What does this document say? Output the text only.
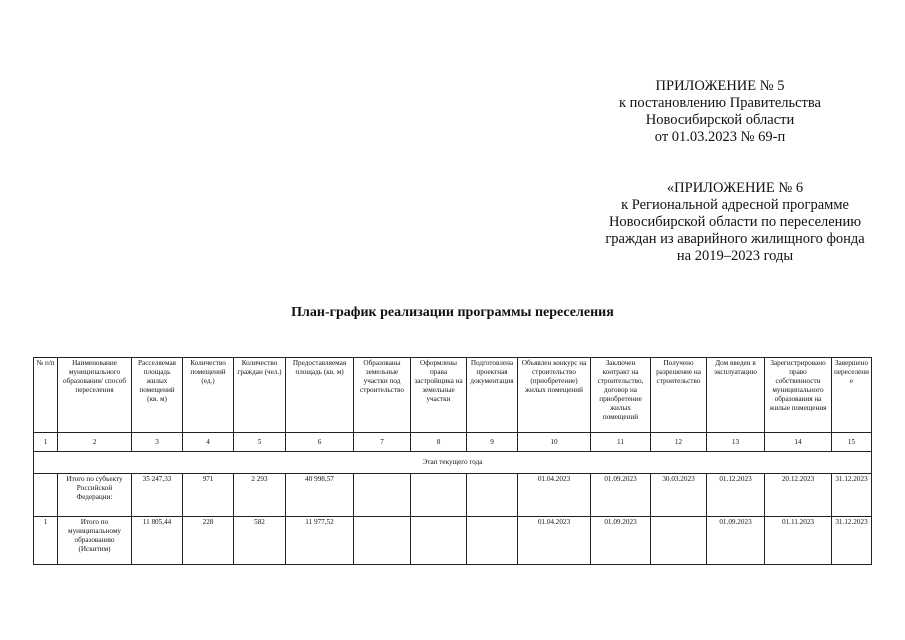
ПРИЛОЖЕНИЕ № 5
к постановлению Правительства
Новосибирской области
от 01.03.2023 № 69-п
«ПРИЛОЖЕНИЕ № 6
к Региональной адресной программе
Новосибирской области по переселению
граждан из аварийного жилищного фонда
на 2019–2023 годы
План-график реализации программы переселения
№ п/п	Наименование муниципального образования/ способ переселения	Расселяемая площадь жилых помещений (кв. м)	Количество помещений (ед.)	Количество граждан (чел.)	Предоставляемая площадь (кв. м)	Образованы земельные участки под строительство	Оформлены права застройщика на земельные участки	Подготовлена проектная документация	Объявлен конкурс на строительство (приобретение) жилых помещений	Заключен контракт на строительство, договор на приобретение жилых помещений	Получено разрешение на строительство	Дом введен в эксплуатацию	Зарегистрировано право собственности муниципального образования на жилые помещения	Завершено переселение
1	2	3	4	5	6	7	8	9	10	11	12	13	14	15
Этап текущего года														
	Итого по субъекту Российской Федерации:	35 247,33	971	2 293	40 998,57				01.04.2023	01.09.2023	30.03.2023	01.12.2023	20.12.2023	31.12.2023
1	Итого по муниципальному образованию (Искитим)	11 805,44	228	582	11 977,52				01.04.2023	01.09.2023		01.09.2023	01.11.2023	31.12.2023
